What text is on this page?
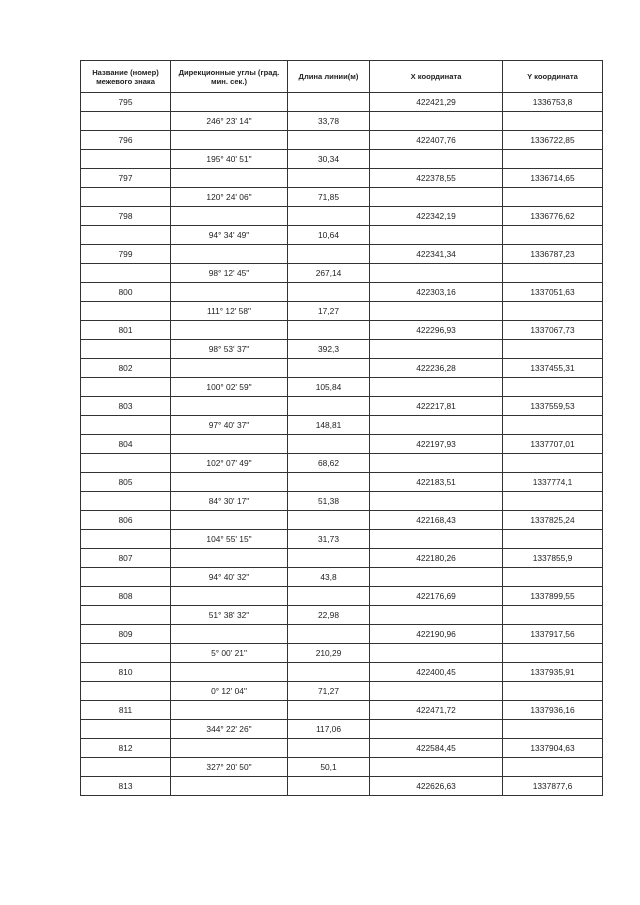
Название (номер) межевого знака	Дирекционные углы (град. мин. сек.)	Длина линии(м)	X координата	Y координата
795			422421,29	1336753,8
	246° 23' 14"	33,78		
796			422407,76	1336722,85
	195° 40' 51"	30,34		
797			422378,55	1336714,65
	120° 24' 06"	71,85		
798			422342,19	1336776,62
	94° 34' 49"	10,64		
799			422341,34	1336787,23
	98° 12' 45"	267,14		
800			422303,16	1337051,63
	111° 12' 58"	17,27		
801			422296,93	1337067,73
	98° 53' 37"	392,3		
802			422236,28	1337455,31
	100° 02' 59"	105,84		
803			422217,81	1337559,53
	97° 40' 37"	148,81		
804			422197,93	1337707,01
	102° 07' 49"	68,62		
805			422183,51	1337774,1
	84° 30' 17"	51,38		
806			422168,43	1337825,24
	104° 55' 15"	31,73		
807			422180,26	1337855,9
	94° 40' 32"	43,8		
808			422176,69	1337899,55
	51° 38' 32"	22,98		
809			422190,96	1337917,56
	5° 00' 21"	210,29		
810			422400,45	1337935,91
	0° 12' 04"	71,27		
811			422471,72	1337936,16
	344° 22' 26"	117,06		
812			422584,45	1337904,63
	327° 20' 50"	50,1		
813			422626,63	1337877,6
